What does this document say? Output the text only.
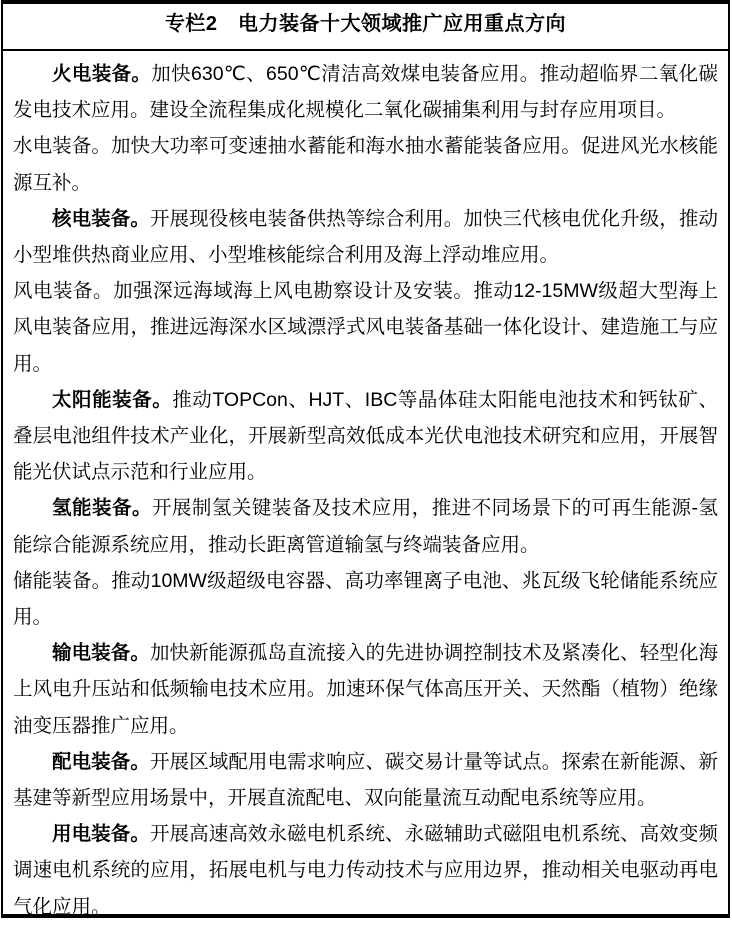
专栏2　电力装备十大领域推广应用重点方向

火电装备。加快630℃、650℃清洁高效煤电装备应用。推动超临界二氧化碳发电技术应用。建设全流程集成化规模化二氧化碳捕集利用与封存应用项目。

水电装备。加快大功率可变速抽水蓄能和海水抽水蓄能装备应用。促进风光水核能源互补。

核电装备。开展现役核电装备供热等综合利用。加快三代核电优化升级，推动小型堆供热商业应用、小型堆核能综合利用及海上浮动堆应用。

风电装备。加强深远海域海上风电勘察设计及安装。推动12-15MW级超大型海上风电装备应用，推进远海深水区域漂浮式风电装备基础一体化设计、建造施工与应用。

太阳能装备。推动TOPCon、HJT、IBC等晶体硅太阳能电池技术和钙钛矿、叠层电池组件技术产业化，开展新型高效低成本光伏电池技术研究和应用，开展智能光伏试点示范和行业应用。

氢能装备。开展制氢关键装备及技术应用，推进不同场景下的可再生能源-氢能综合能源系统应用，推动长距离管道输氢与终端装备应用。

储能装备。推动10MW级超级电容器、高功率锂离子电池、兆瓦级飞轮储能系统应用。

输电装备。加快新能源孤岛直流接入的先进协调控制技术及紧凑化、轻型化海上风电升压站和低频输电技术应用。加速环保气体高压开关、天然酯（植物）绝缘油变压器推广应用。

配电装备。开展区域配用电需求响应、碳交易计量等试点。探索在新能源、新基建等新型应用场景中，开展直流配电、双向能量流互动配电系统等应用。

用电装备。开展高速高效永磁电机系统、永磁辅助式磁阻电机系统、高效变频调速电机系统的应用，拓展电机与电力传动技术与应用边界，推动相关电驱动再电气化应用。
